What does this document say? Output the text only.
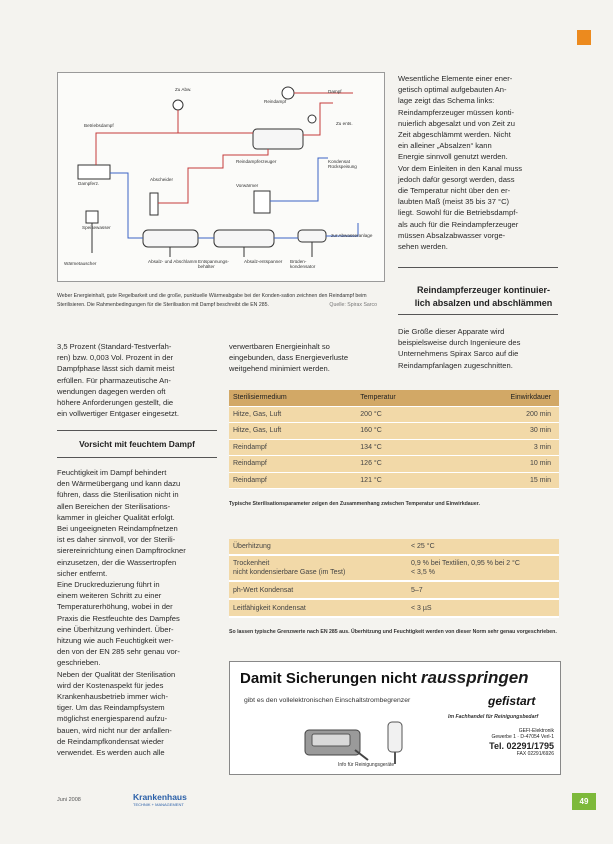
Dampf
Reindampf
Zu ents.
zur Abwasseranlage
Zu Abw.
Betriebsdampf
Dampferz.
Abscheider
Vorwärmer
Reindampferzeuger
Speisewasser
Kondensat Rückspeisung
Wärmetauscher	Absalz- und Abschlamm Entspannungs-behälter
Absalz-entspanner	Brüden-kondensator
Wesentliche Elemente einer ener-
getisch optimal aufgebauten An-
lage zeigt das Schema links:
Reindampferzeuger müssen konti-
nuierlich abgesalzt und von Zeit zu
Zeit abgeschlämmt werden. Nicht
ein alleiner „Absalzen“ kann
Energie sinnvoll genutzt werden.
Vor dem Einleiten in den Kanal muss
jedoch dafür gesorgt werden, dass
die Temperatur nicht über den er-
laubten Maß (meist 35 bis 37 °C)
liegt. Sowohl für die Betriebsdampf-
als auch für die Reindampferzeuger
müssen Absalzabwasser vorge-
sehen werden.
Reindampferzeuger kontinuier-
lich absalzen und abschlämmen
Die Größe dieser Apparate wird
beispielsweise durch Ingenieure des
Unternehmens Spirax Sarco auf die
Reindampfanlagen zugeschnitten.
Weber Energieinhalt, gute Regelbarkeit und die große, punktuelle Wärmeabgabe bei der Konden-sation zeichnen den Reindampf beim Sterilisieren. Die Rahmenbedingungen für die Sterilisation mit Dampf beschreibt die EN 285.	Quelle: Spirax Sarco
3,5 Prozent (Standard-Testverfah-
ren) bzw. 0,003 Vol. Prozent in der
Dampfphase lässt sich damit meist
erfüllen. Für pharmazeutische An-
wendungen dagegen werden oft
höhere Anforderungen gestellt, die
ein vollwertiger Entgaser eingesetzt.
verwertbaren Energieinhalt so
eingebunden, dass Energieverluste
weitgehend minimiert werden.
Vorsicht mit feuchtem Dampf
Feuchtigkeit im Dampf behindert
den Wärmeübergang und kann dazu
führen, dass die Sterilisation nicht in
allen Bereichen der Sterilisations-
kammer in gleicher Qualität erfolgt.
Bei ungeeigneten Reindampfnetzen
ist es daher sinnvoll, vor der Sterili-
sierereinrichtung einen Dampftrockner
einzusetzen, der die Wassertropfen
sicher entfernt.
Eine Druckreduzierung führt in
einem weiteren Schritt zu einer
Temperaturerhöhung, wobei in der
Praxis die Restfeuchte des Dampfes
eine Überhitzung verhindert. Über-
hitzung wie auch Feuchtigkeit wer-
den von der EN 285 sehr genau vor-
geschrieben.
Neben der Qualität der Sterilisation
wird der Kostenaspekt für jedes
Krankenhausbetrieb immer wich-
tiger. Um das Reindampfsystem
möglichst energiesparend aufzu-
bauen, wird nicht nur der anfallen-
de Reindampfkondensat wieder
verwendet. Es werden auch alle
Sterilisiermedium	Temperatur	Einwirkdauer
Hitze, Gas, Luft	200 °C	200 min
Hitze, Gas, Luft	160 °C	30 min
Reindampf	134 °C	3 min
Reindampf	126 °C	10 min
Reindampf	121 °C	15 min
Typische Sterilisationsparameter zeigen den Zusammenhang zwischen Temperatur und Einwirkdauer.
Überhitzung	< 25 °C
Trockenheit
nicht kondensierbare Gase (im Test)	0,9 % bei Textilien, 0,95 % bei 2 °C
< 3,5 %
ph-Wert Kondensat	5–7
Leitfähigkeit Kondensat	< 3 µS
So lassen typische Grenzwerte nach EN 285 aus. Überhitzung und Feuchtigkeit werden von dieser Norm sehr genau vorgeschrieben.
Damit Sicherungen nicht rausspringen
gibt es den vollelektronischen Einschaltstrombegrenzer	gefistart
Im Fachhandel für Reinigungsbedarf
GEFI-Elektronik
Gewerbe 1 · D-47054 Verl-1
Tel. 02291/1795
FAX 02291/6926
Info für Reinigungsgeräte
Juni 2008	Krankenhaus
TECHNIK + MANAGEMENT	49
